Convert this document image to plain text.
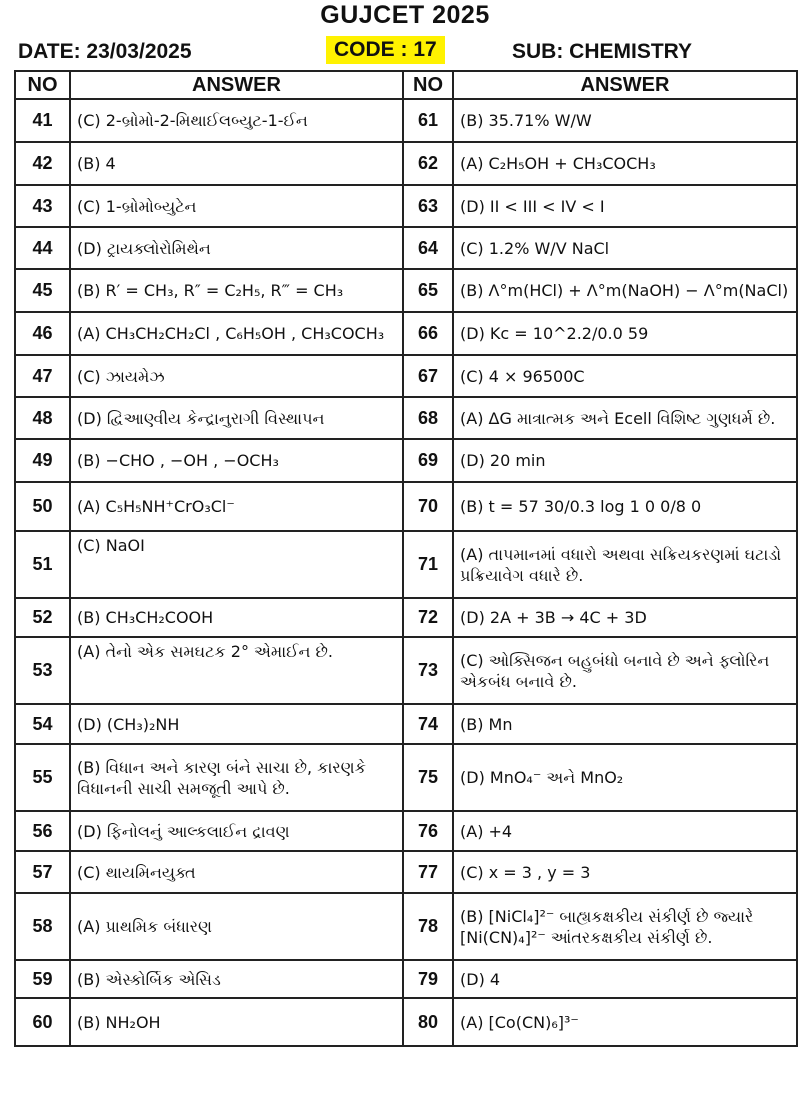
GUJCET 2025
DATE: 23/03/2025	CODE : 17	SUB: CHEMISTRY
NO	ANSWER	NO	ANSWER
41	(C) 2-બ્રોમો-2-મિથાઈલબ્યુટ-1-ઈન	61	(B) 35.71% W/W
42	(B) 4	62	(A) C₂H₅OH + CH₃COCH₃
43	(C) 1-બ્રોમોબ્યુટેન	63	(D) II < III < IV < I
44	(D) ટ્રાયક્લોરોમિથેન	64	(C) 1.2% W/V NaCl
45	(B) R′ = CH₃, R″ = C₂H₅, R‴ = CH₃	65	(B) Λ°m(HCl) + Λ°m(NaOH) − Λ°m(NaCl)
46	(A) CH₃CH₂CH₂Cl , C₆H₅OH , CH₃COCH₃	66	(D) Kc = 10^2.2/0.0 59
47	(C) ઝાયમેઝ	67	(C) 4 × 96500C
48	(D) દ્વિઆણ્વીય કેન્દ્રાનુરાગી વિસ્થાપન	68	(A) ΔG માત્રાત્મક અને Ecell વિશિષ્ટ ગુણધર્મ છે.
49	(B) −CHO , −OH , −OCH₃	69	(D) 20 min
50	(A) C₅H₅NH⁺CrO₃Cl⁻	70	(B) t = 57 30/0.3 log 1 0 0/8 0
51	(C) NaOI	71	(A) તાપમાનમાં વધારો અથવા સક્રિયકરણમાં ઘટાડો પ્રક્રિયાવેગ વધારે છે.
52	(B) CH₃CH₂COOH	72	(D) 2A + 3B → 4C + 3D
53	(A) તેનો એક સમઘટક 2° એમાઈન છે.	73	(C) ઓક્સિજન બહુબંધો બનાવે છે અને ફ્લોરિન એકબંધ બનાવે છે.
54	(D) (CH₃)₂NH	74	(B) Mn
55	(B) વિધાન અને કારણ બંને સાચા છે, કારણકે વિધાનની સાચી સમજૂતી આપે છે.	75	(D) MnO₄⁻ અને MnO₂
56	(D) ફિનોલનું આલ્કલાઈન દ્રાવણ	76	(A) +4
57	(C) થાયમિનયુક્ત	77	(C) x = 3 , y = 3
58	(A) પ્રાથમિક બંધારણ	78	(B) [NiCl₄]²⁻ બાહ્યકક્ષકીય સંકીર્ણ છે જ્યારે [Ni(CN)₄]²⁻ આંતરકક્ષકીય સંકીર્ણ છે.
59	(B) એસ્કોર્બિક એસિડ	79	(D) 4
60	(B) NH₂OH	80	(A) [Co(CN)₆]³⁻
